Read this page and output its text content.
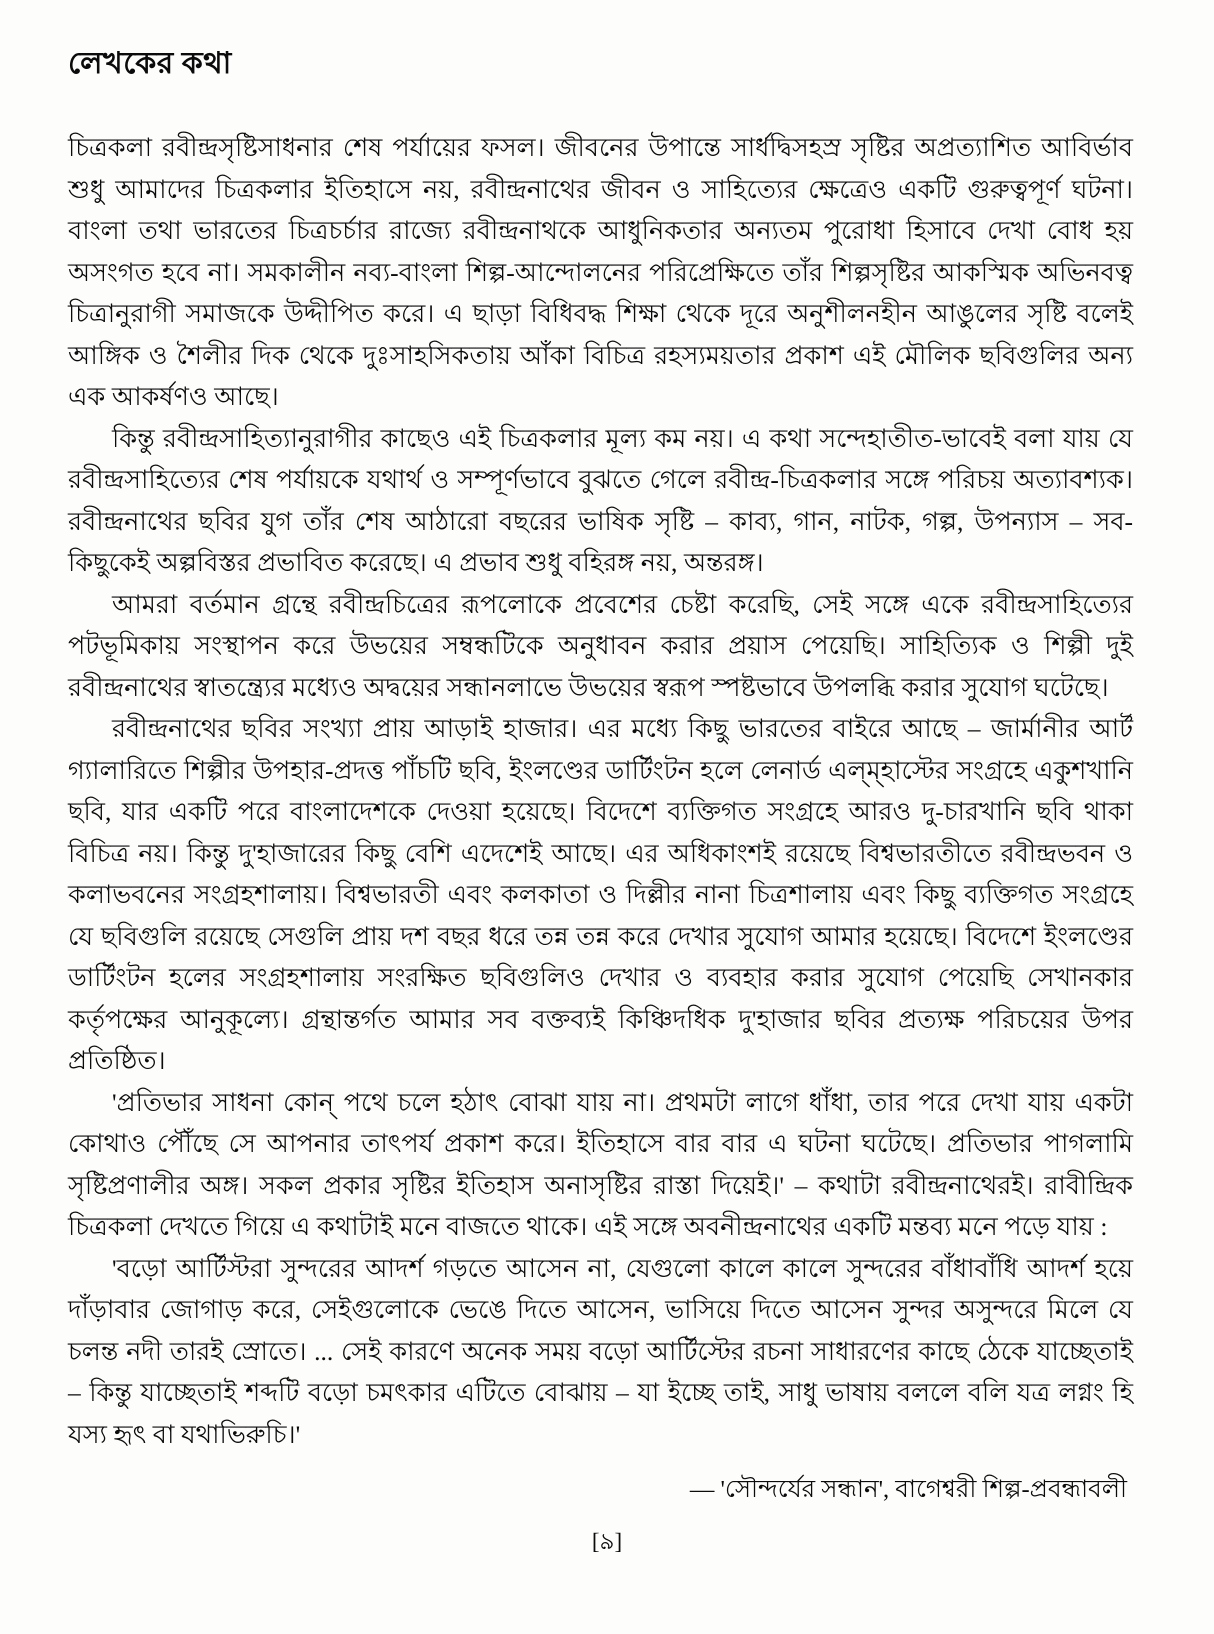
লেখকের কথা

চিত্রকলা রবীন্দ্রসৃষ্টিসাধনার শেষ পর্যায়ের ফসল। জীবনের উপান্তে সার্ধদ্বিসহস্র সৃষ্টির অপ্রত্যাশিত আবির্ভাব শুধু আমাদের চিত্রকলার ইতিহাসে নয়, রবীন্দ্রনাথের জীবন ও সাহিত্যের ক্ষেত্রেও একটি গুরুত্বপূর্ণ ঘটনা। বাংলা তথা ভারতের চিত্রচর্চার রাজ্যে রবীন্দ্রনাথকে আধুনিকতার অন্যতম পুরোধা হিসাবে দেখা বোধ হয় অসংগত হবে না। সমকালীন নব্য-বাংলা শিল্প-আন্দোলনের পরিপ্রেক্ষিতে তাঁর শিল্পসৃষ্টির আকস্মিক অভিনবত্ব চিত্রানুরাগী সমাজকে উদ্দীপিত করে। এ ছাড়া বিধিবদ্ধ শিক্ষা থেকে দূরে অনুশীলনহীন আঙুলের সৃষ্টি বলেই আঙ্গিক ও শৈলীর দিক থেকে দুঃসাহসিকতায় আঁকা বিচিত্র রহস্যময়তার প্রকাশ এই মৌলিক ছবিগুলির অন্য এক আকর্ষণও আছে।

কিন্তু রবীন্দ্রসাহিত্যানুরাগীর কাছেও এই চিত্রকলার মূল্য কম নয়। এ কথা সন্দেহাতীত-ভাবেই বলা যায় যে রবীন্দ্রসাহিত্যের শেষ পর্যায়কে যথার্থ ও সম্পূর্ণভাবে বুঝতে গেলে রবীন্দ্র-চিত্রকলার সঙ্গে পরিচয় অত্যাবশ্যক। রবীন্দ্রনাথের ছবির যুগ তাঁর শেষ আঠারো বছরের ভাষিক সৃষ্টি – কাব্য, গান, নাটক, গল্প, উপন্যাস – সব-কিছুকেই অল্পবিস্তর প্রভাবিত করেছে। এ প্রভাব শুধু বহিরঙ্গ নয়, অন্তরঙ্গ।

আমরা বর্তমান গ্রন্থে রবীন্দ্রচিত্রের রূপলোকে প্রবেশের চেষ্টা করেছি, সেই সঙ্গে একে রবীন্দ্রসাহিত্যের পটভূমিকায় সংস্থাপন করে উভয়ের সম্বন্ধটিকে অনুধাবন করার প্রয়াস পেয়েছি। সাহিত্যিক ও শিল্পী দুই রবীন্দ্রনাথের স্বাতন্ত্র্যের মধ্যেও অদ্বয়ের সন্ধানলাভে উভয়ের স্বরূপ স্পষ্টভাবে উপলব্ধি করার সুযোগ ঘটেছে।

রবীন্দ্রনাথের ছবির সংখ্যা প্রায় আড়াই হাজার। এর মধ্যে কিছু ভারতের বাইরে আছে – জার্মানীর আর্ট গ্যালারিতে শিল্পীর উপহার-প্রদত্ত পাঁচটি ছবি, ইংলণ্ডের ডার্টিংটন হলে লেনার্ড এল্‌ম্‌হাস্টের সংগ্রহে একুশখানি ছবি, যার একটি পরে বাংলাদেশকে দেওয়া হয়েছে। বিদেশে ব্যক্তিগত সংগ্রহে আরও দু-চারখানি ছবি থাকা বিচিত্র নয়। কিন্তু দু'হাজারের কিছু বেশি এদেশেই আছে। এর অধিকাংশই রয়েছে বিশ্বভারতীতে রবীন্দ্রভবন ও কলাভবনের সংগ্রহশালায়। বিশ্বভারতী এবং কলকাতা ও দিল্লীর নানা চিত্রশালায় এবং কিছু ব্যক্তিগত সংগ্রহে যে ছবিগুলি রয়েছে সেগুলি প্রায় দশ বছর ধরে তন্ন তন্ন করে দেখার সুযোগ আমার হয়েছে। বিদেশে ইংলণ্ডের ডার্টিংটন হলের সংগ্রহশালায় সংরক্ষিত ছবিগুলিও দেখার ও ব্যবহার করার সুযোগ পেয়েছি সেখানকার কর্তৃপক্ষের আনুকূল্যে। গ্রন্থান্তর্গত আমার সব বক্তব্যই কিঞ্চিদধিক দু'হাজার ছবির প্রত্যক্ষ পরিচয়ের উপর প্রতিষ্ঠিত।

'প্রতিভার সাধনা কোন্ পথে চলে হঠাৎ বোঝা যায় না। প্রথমটা লাগে ধাঁধা, তার পরে দেখা যায় একটা কোথাও পৌঁছে সে আপনার তাৎপর্য প্রকাশ করে। ইতিহাসে বার বার এ ঘটনা ঘটেছে। প্রতিভার পাগলামি সৃষ্টিপ্রণালীর অঙ্গ। সকল প্রকার সৃষ্টির ইতিহাস অনাসৃষ্টির রাস্তা দিয়েই।' – কথাটা রবীন্দ্রনাথেরই। রাবীন্দ্রিক চিত্রকলা দেখতে গিয়ে এ কথাটাই মনে বাজতে থাকে। এই সঙ্গে অবনীন্দ্রনাথের একটি মন্তব্য মনে পড়ে যায় :

'বড়ো আর্টিস্টরা সুন্দরের আদর্শ গড়তে আসেন না, যেগুলো কালে কালে সুন্দরের বাঁধাবাঁধি আদর্শ হয়ে দাঁড়াবার জোগাড় করে, সেইগুলোকে ভেঙে দিতে আসেন, ভাসিয়ে দিতে আসেন সুন্দর অসুন্দরে মিলে যে চলন্ত নদী তারই স্রোতে। ... সেই কারণে অনেক সময় বড়ো আর্টিস্টের রচনা সাধারণের কাছে ঠেকে যাচ্ছেতাই – কিন্তু যাচ্ছেতাই শব্দটি বড়ো চমৎকার এটিতে বোঝায় – যা ইচ্ছে তাই, সাধু ভাষায় বললে বলি যত্র লগ্নং হি যস্য হৃৎ বা যথাভিরুচি।'

— 'সৌন্দর্যের সন্ধান', বাগেশ্বরী শিল্প-প্রবন্ধাবলী
[৯]
